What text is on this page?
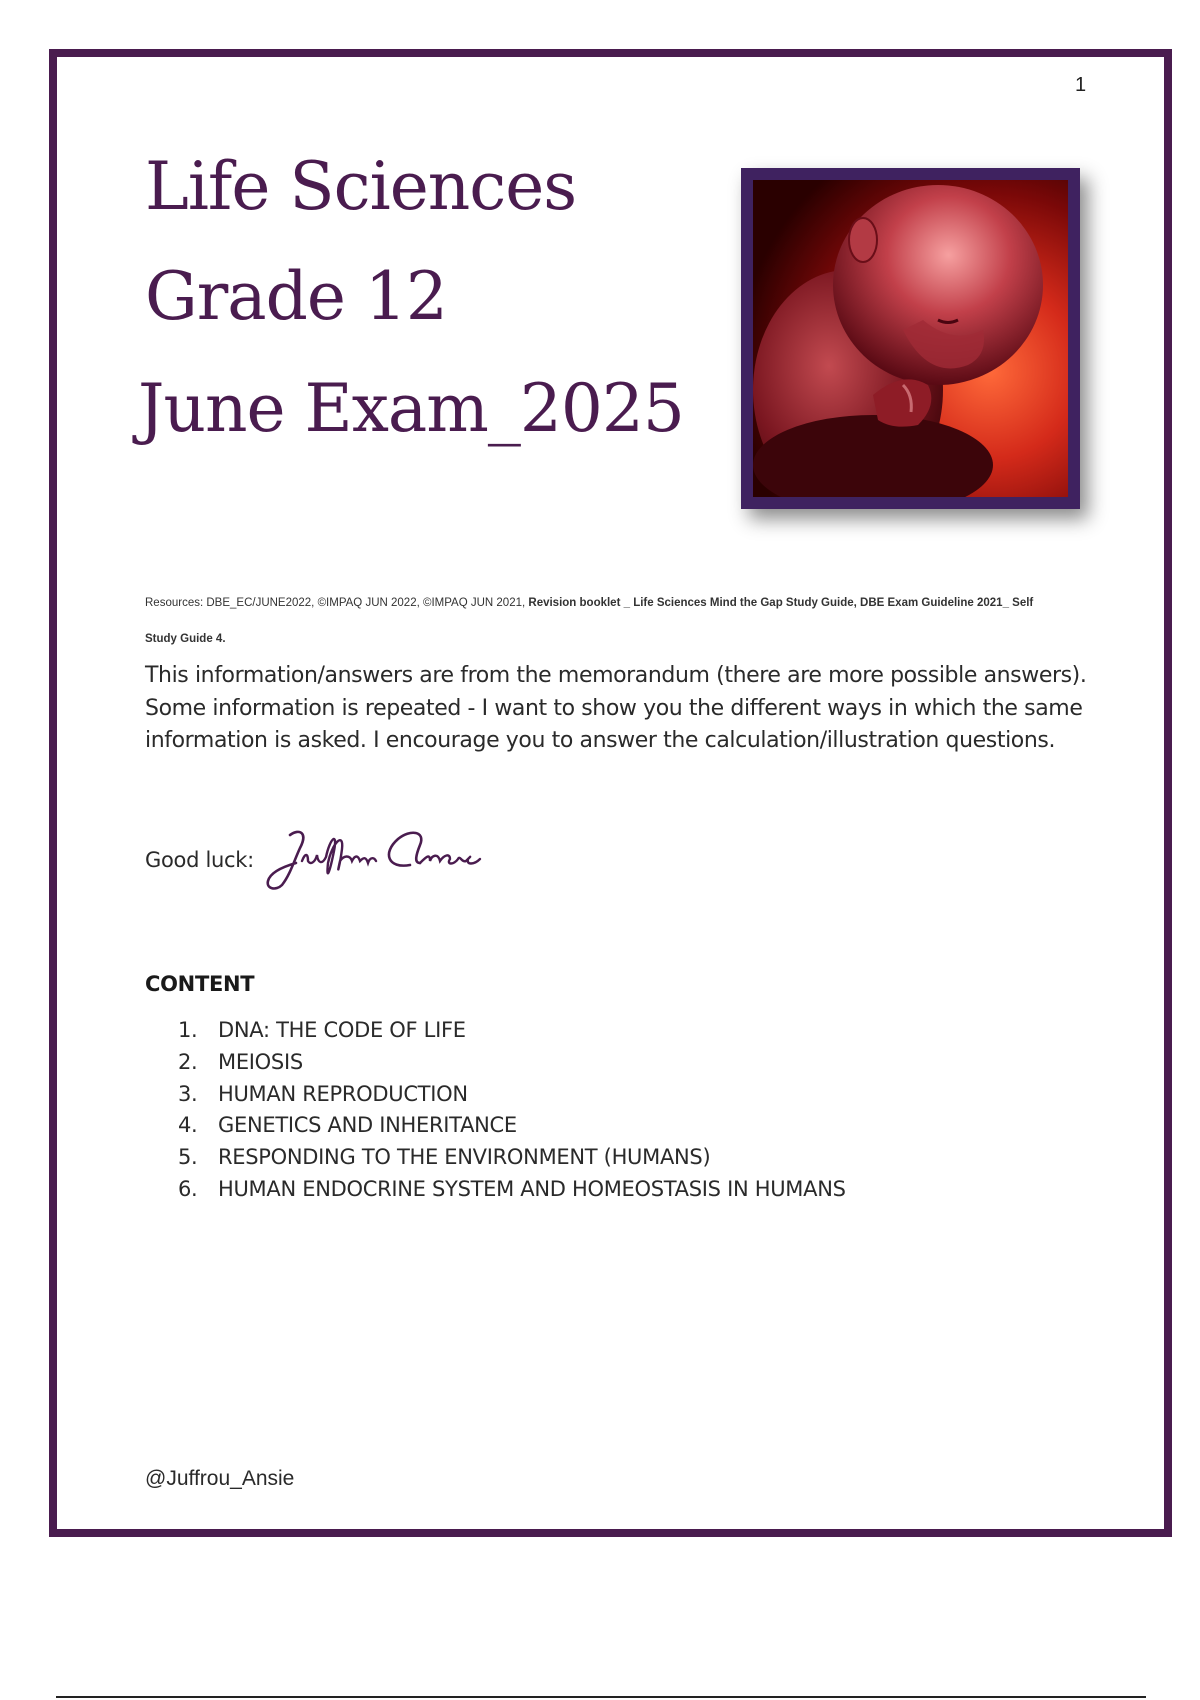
1
Life Sciences
Grade 12
June Exam_2025
Resources: DBE_EC/JUNE2022, ©IMPAQ JUN 2022, ©IMPAQ JUN 2021, Revision booklet _ Life Sciences Mind the Gap Study Guide, DBE Exam Guideline 2021_ Self Study Guide 4.

This information/answers are from the memorandum (there are more possible answers). Some information is repeated - I want to show you the different ways in which the same information is asked. I encourage you to answer the calculation/illustration questions.

Good luck:
CONTENT
1. DNA: THE CODE OF LIFE
2. MEIOSIS
3. HUMAN REPRODUCTION
4. GENETICS AND INHERITANCE
5. RESPONDING TO THE ENVIRONMENT (HUMANS)
6. HUMAN ENDOCRINE SYSTEM AND HOMEOSTASIS IN HUMANS
@Juffrou_Ansie
